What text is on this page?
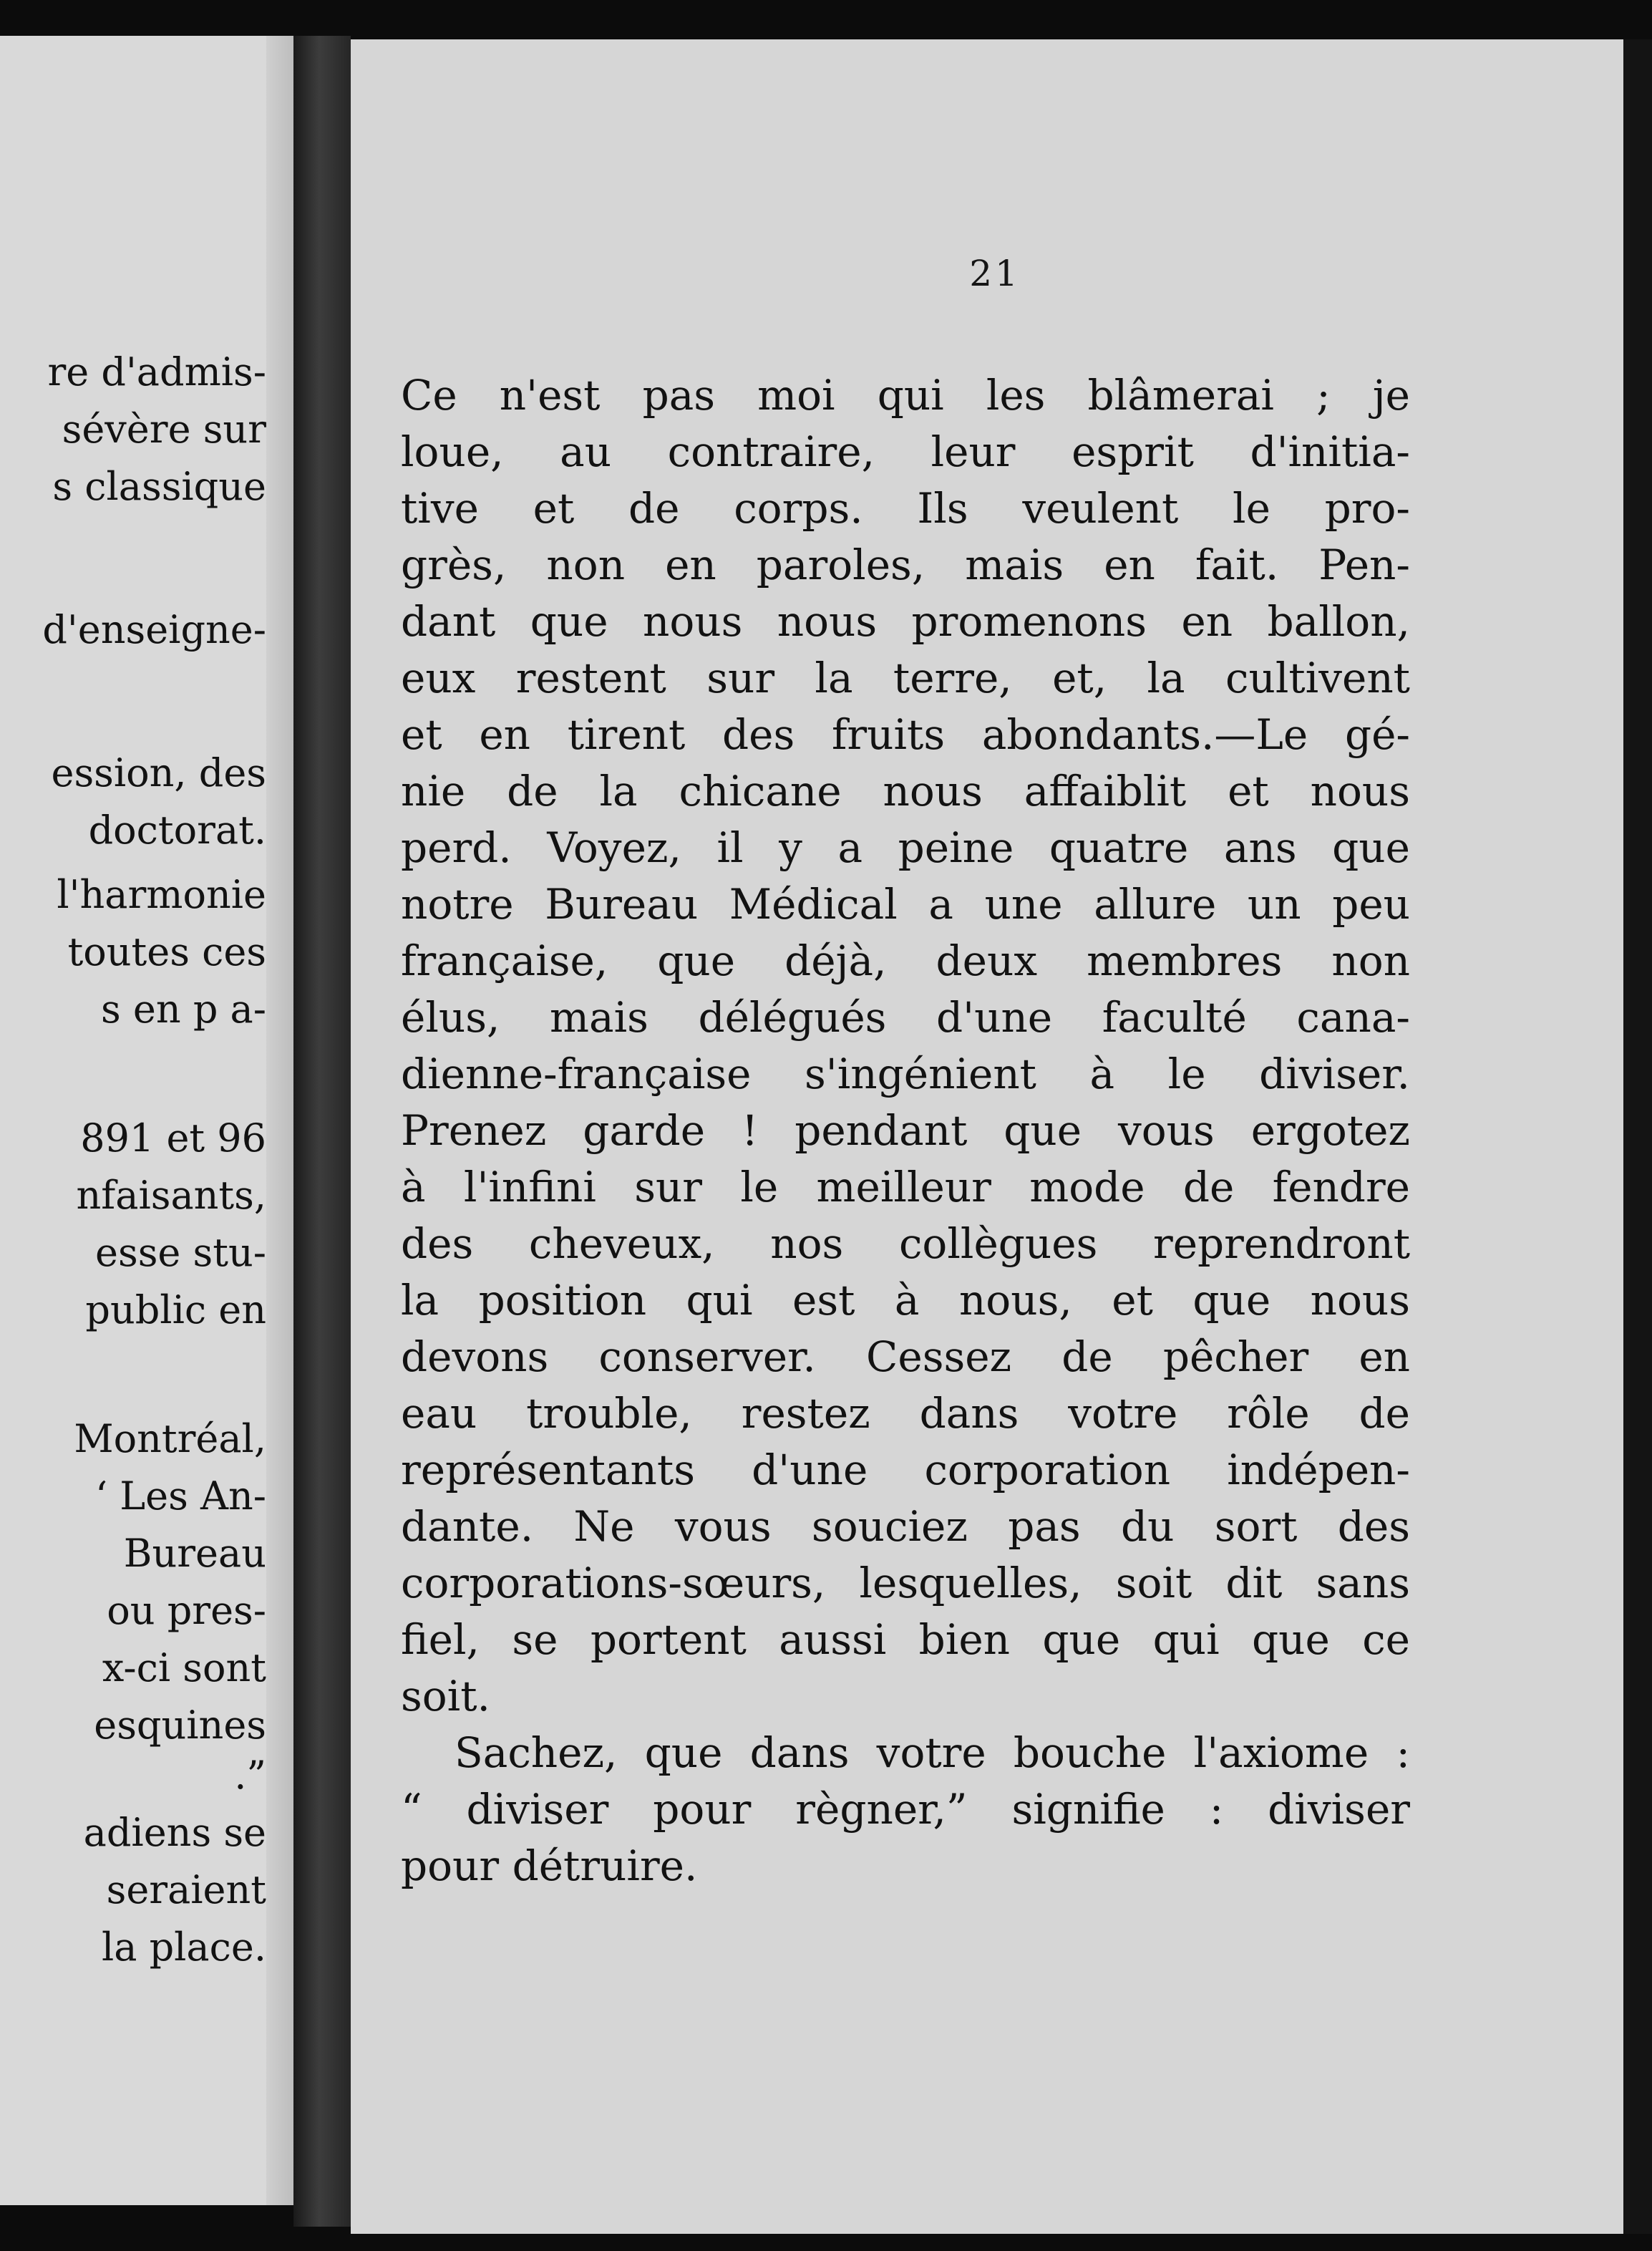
re d'admis-
sévère sur
s classique
d'enseigne-
ession, des
doctorat.
l'harmonie
toutes ces
s en p a-
891 et 96
nfaisants,
esse stu-
public en
Montréal,
‘ Les An-
Bureau
ou pres-
x-ci sont
esquines
.”
adiens se
seraient
la place.
21
Ce n'est pas moi qui les blâmerai ; je
loue, au contraire, leur esprit d'initia-
tive et de corps. Ils veulent le pro-
grès, non en paroles, mais en fait. Pen-
dant que nous nous promenons en ballon,
eux restent sur la terre, et, la cultivent
et en tirent des fruits abondants.—Le gé-
nie de la chicane nous affaiblit et nous
perd. Voyez, il y a peine quatre ans que
notre Bureau Médical a une allure un peu
française, que déjà, deux membres non
élus, mais délégués d'une faculté cana-
dienne-française s'ingénient à le diviser.
Prenez garde ! pendant que vous ergotez
à l'infini sur le meilleur mode de fendre
des cheveux, nos collègues reprendront
la position qui est à nous, et que nous
devons conserver. Cessez de pêcher en
eau trouble, restez dans votre rôle de
représentants d'une corporation indépen-
dante. Ne vous souciez pas du sort des
corporations-sœurs, lesquelles, soit dit sans
fiel, se portent aussi bien que qui que ce
soit.
Sachez, que dans votre bouche l'axiome :
“ diviser pour règner,” signifie : diviser
pour détruire.
